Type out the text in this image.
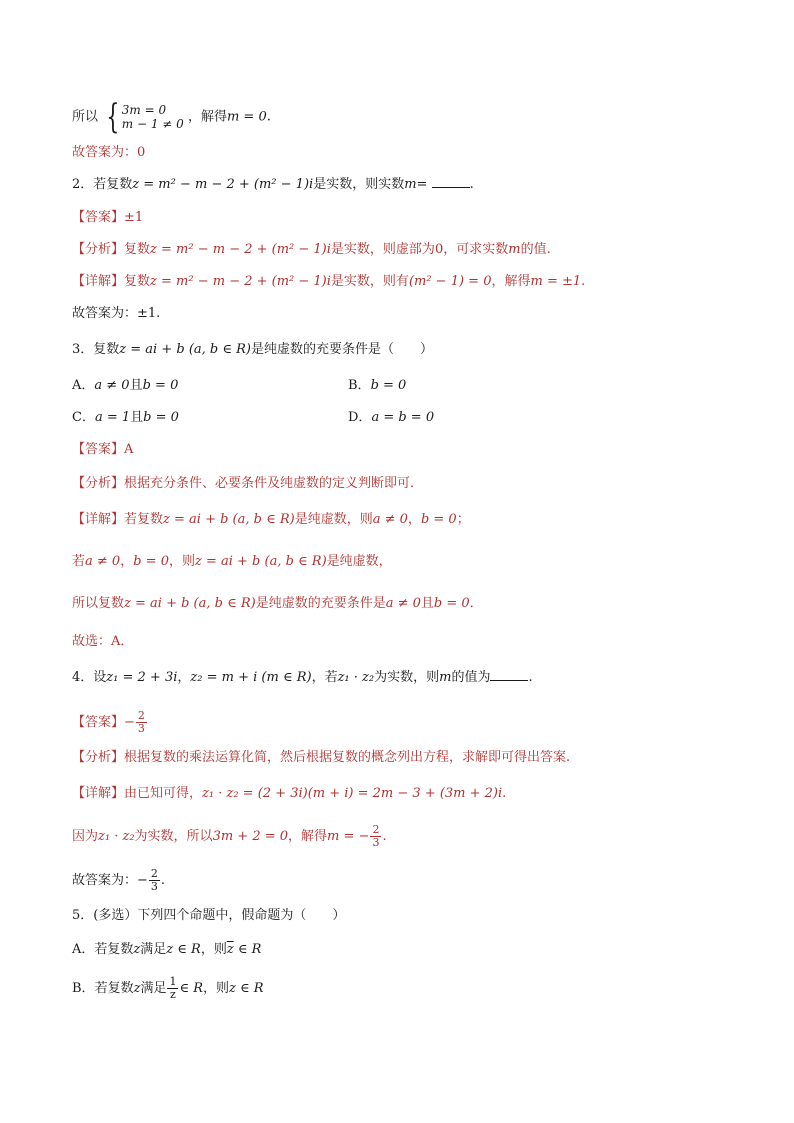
所以 { 3m = 0
m − 1 ≠ 0 ，解得m = 0.
故答案为：0
2．若复数z = m² − m − 2 + (m² − 1)i是实数，则实数m=	.
【答案】±1
【分析】复数z = m² − m − 2 + (m² − 1)i是实数，则虚部为0，可求实数m的值.
【详解】复数z = m² − m − 2 + (m² − 1)i是实数，则有(m² − 1) = 0，解得m = ±1.
故答案为：±1.
3．复数z = ai + b (a, b ∈ R)是纯虚数的充要条件是（　　）
A．a ≠ 0且b = 0	B．b = 0
C．a = 1且b = 0	D．a = b = 0
【答案】A
【分析】根据充分条件、必要条件及纯虚数的定义判断即可．
【详解】若复数z = ai + b (a, b ∈ R)是纯虚数，则a ≠ 0，b = 0；
若a ≠ 0，b = 0，则z = ai + b (a, b ∈ R)是纯虚数，
所以复数z = ai + b (a, b ∈ R)是纯虚数的充要条件是a ≠ 0且b = 0．
故选：A．
4．设z₁ = 2 + 3i，z₂ = m + i (m ∈ R)，若z₁ · z₂为实数，则m的值为	.
【答案】− $\frac{2}{3}$
【分析】根据复数的乘法运算化简，然后根据复数的概念列出方程，求解即可得出答案.
【详解】由已知可得，z₁ · z₂ = (2 + 3i)(m + i) = 2m − 3 + (3m + 2)i.
因为z₁ · z₂为实数，所以3m + 2 = 0，解得m = − $\frac{2}{3}$ .
故答案为：− $\frac{2}{3}$ .
5．(多选）下列四个命题中，假命题为（　　）
A．若复数z满足z ∈ R，则$\overline{z}$ ∈ R
B．若复数z满足 $\frac{1}{z}$ ∈ R，则z ∈ R
